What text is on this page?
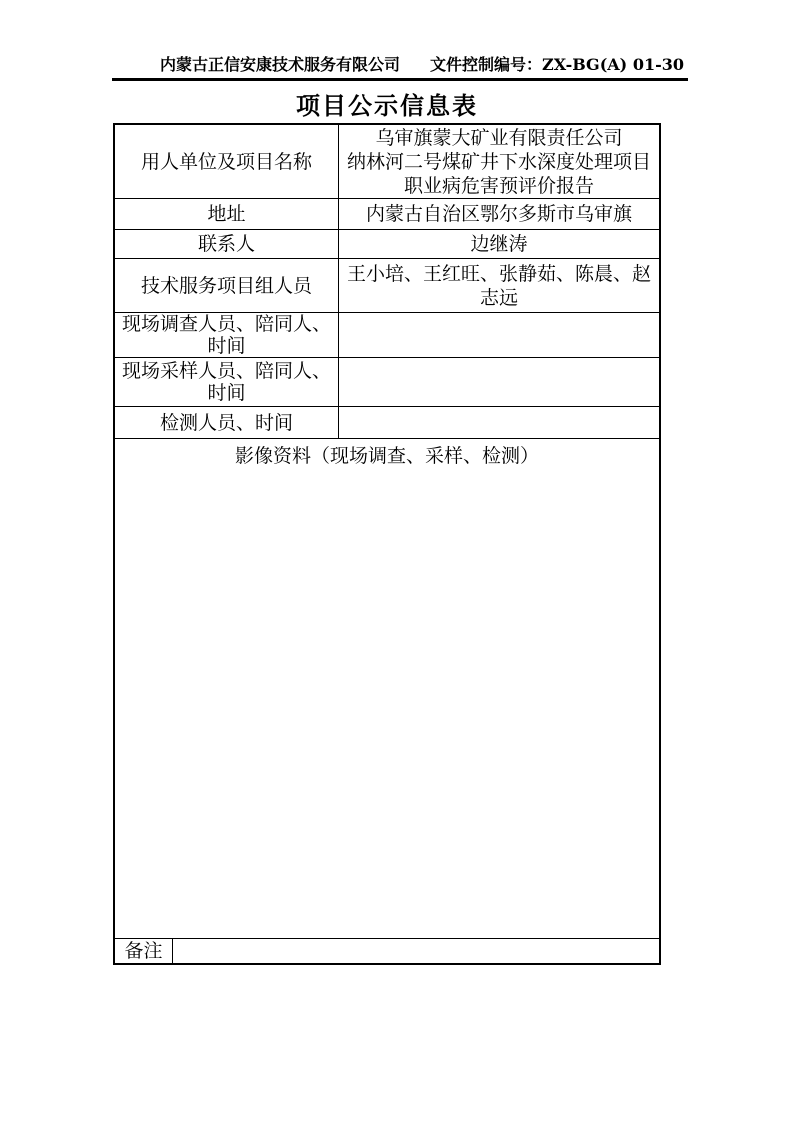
内蒙古正信安康技术服务有限公司 文件控制编号：ZX-BG(A) 01-30
项目公示信息表
用人单位及项目名称
乌审旗蒙大矿业有限责任公司
纳林河二号煤矿井下水深度处理项目
职业病危害预评价报告
地址	内蒙古自治区鄂尔多斯市乌审旗
联系人	边继涛
技术服务项目组人员
王小培、王红旺、张静茹、陈晨、赵志远
现场调查人员、陪同人、时间
现场采样人员、陪同人、时间
检测人员、时间
影像资料（现场调查、采样、检测）
备注
